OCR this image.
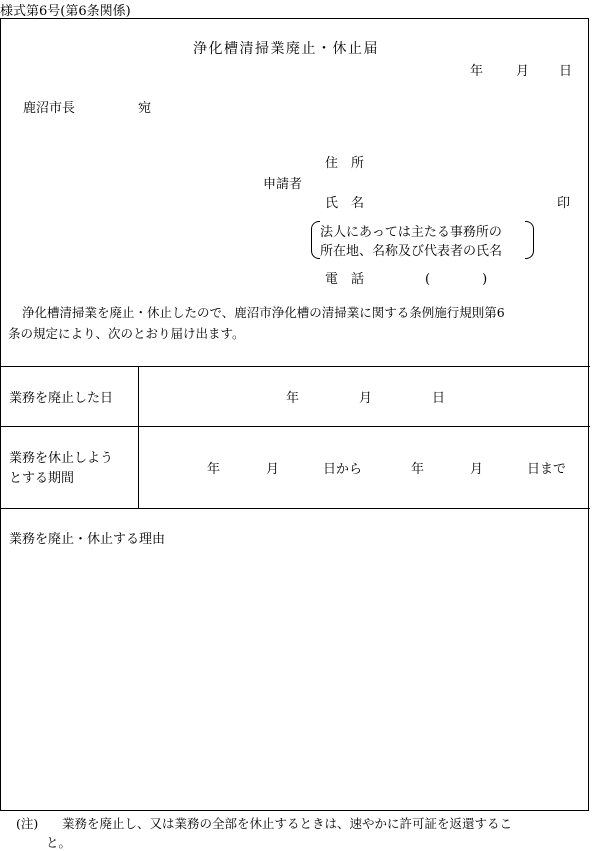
様式第6号(第6条関係)
浄化槽清掃業廃止・休止届
年	月 日
鹿沼市長	宛
申請者
住　所
氏　名	印
法人にあっては主たる事務所の
所在地、名称及び代表者の氏名
電　話	(　　　　)
浄化槽清掃業を廃止・休止したので、鹿沼市浄化槽の清掃業に関する条例施行規則第6
条の規定により、次のとおり届け出ます。
業務を廃止した日	年	月	日
業務を休止しよう
とする期間
年	月	日から	年	月	日まで
業務を廃止・休止する理由
(注) 業務を廃止し、又は業務の全部を休止するときは、速やかに許可証を返還するこ
と。
